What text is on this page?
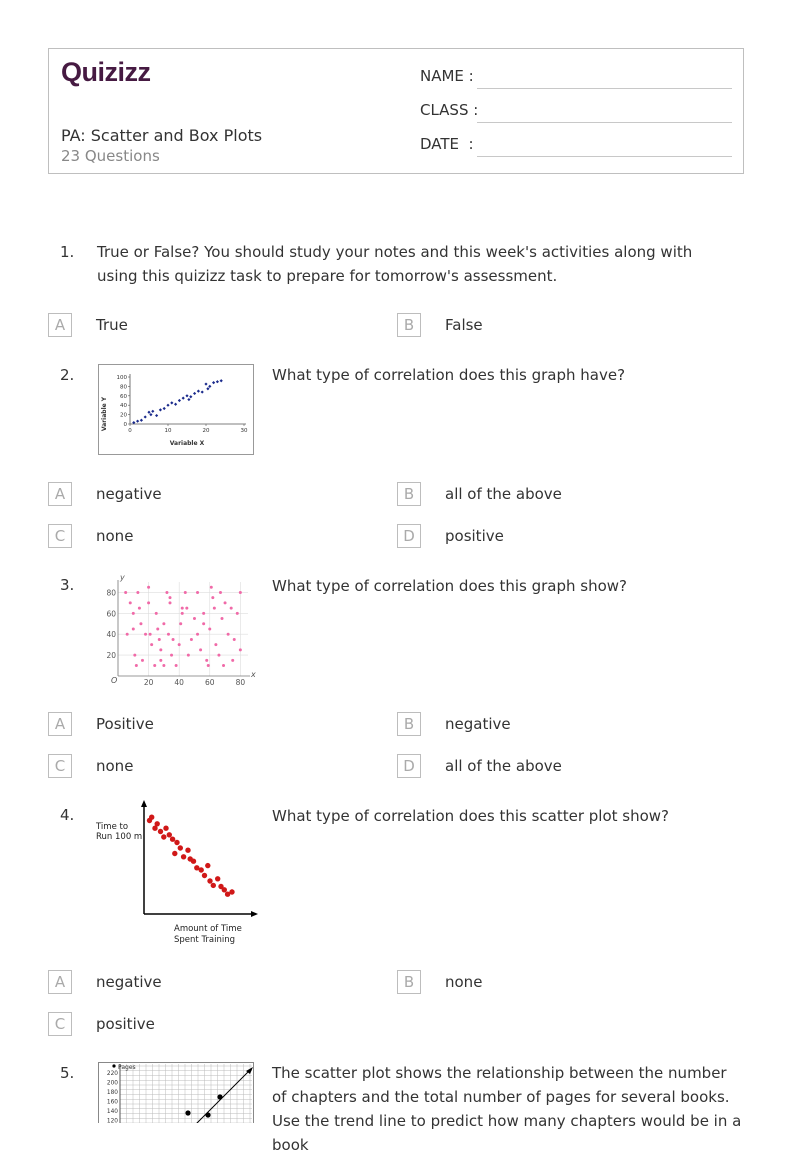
Quizizz
PA: Scatter and Box Plots
23 Questions
NAME :
CLASS :
DATE  :
1. True or False? You should study your notes and this week's activities along with using this quizizz task to prepare for tomorrow's assessment.
A	True	B	False
2.	100
80
60
40
20
0
0	10	20	30
Variable Y
Variable X
What type of correlation does this graph have?
A	negative	B	all of the above
C	none	D	positive
3.	80
60
40
20
20	40	60	80
y
x
O
What type of correlation does this graph show?
A	Positive	B	negative
C	none	D	all of the above
4.
Time to
Run 100 m
Amount of Time
Spent Training
What type of correlation does this scatter plot show?
A	negative	B	none
C	positive
5.	220
200
180
160
140
120
Pages	The scatter plot shows the relationship between the number of chapters and the total number of pages for several books. Use the trend line to predict how many chapters would be in a book
